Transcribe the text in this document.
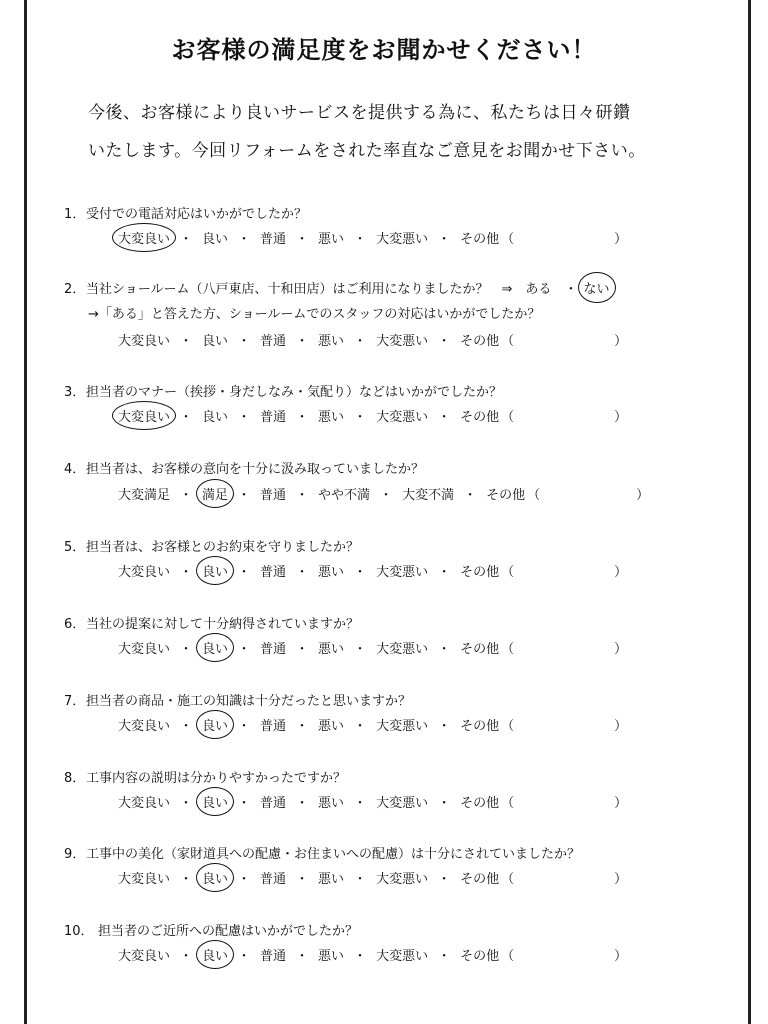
お客様の満足度をお聞かせください！
今後、お客様により良いサービスを提供する為に、私たちは日々研鑽
いたします。今回リフォームをされた率直なご意見をお聞かせ下さい。
1．受付での電話対応はいかがでしたか？
大変良い ・ 良い ・ 普通 ・ 悪い ・ 大変悪い ・ その他 （	）
2．当社ショールーム（八戸東店、十和田店）はご利用になりましたか？　⇒　ある　・ ない
→「ある」と答えた方、ショールームでのスタッフの対応はいかがでしたか？
大変良い ・ 良い ・ 普通 ・ 悪い ・ 大変悪い ・ その他 （	）
3．担当者のマナー（挨拶・身だしなみ・気配り）などはいかがでしたか？
大変良い ・ 良い ・ 普通 ・ 悪い ・ 大変悪い ・ その他 （	）
4．担当者は、お客様の意向を十分に汲み取っていましたか？
大変満足 ・ 満足 ・ 普通 ・ やや不満 ・ 大変不満 ・ その他 （	）
5．担当者は、お客様とのお約束を守りましたか？
大変良い ・ 良い ・ 普通 ・ 悪い ・ 大変悪い ・ その他 （	）
6．当社の提案に対して十分納得されていますか？
大変良い ・ 良い ・ 普通 ・ 悪い ・ 大変悪い ・ その他 （	）
7．担当者の商品・施工の知識は十分だったと思いますか？
大変良い ・ 良い ・ 普通 ・ 悪い ・ 大変悪い ・ その他 （	）
8．工事内容の説明は分かりやすかったですか？
大変良い ・ 良い ・ 普通 ・ 悪い ・ 大変悪い ・ その他 （	）
9．工事中の美化（家財道具への配慮・お住まいへの配慮）は十分にされていましたか？
大変良い ・ 良い ・ 普通 ・ 悪い ・ 大変悪い ・ その他 （	）
10． 担当者のご近所への配慮はいかがでしたか？
大変良い ・ 良い ・ 普通 ・ 悪い ・ 大変悪い ・ その他 （	）
